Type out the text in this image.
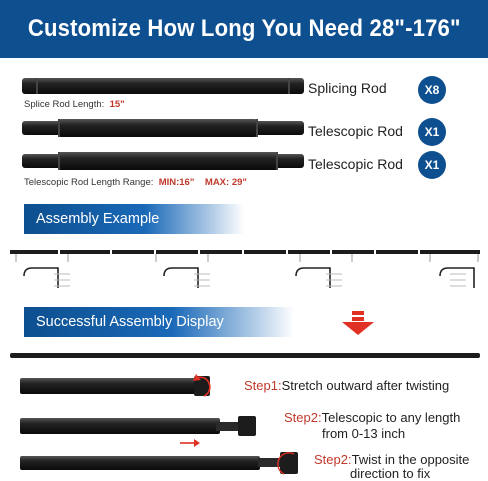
Customize How Long You Need 28"-176"
Splicing Rod	X8
Splice Rod Length: 15"
Telescopic Rod	X1
Telescopic Rod	X1
Telescopic Rod Length Range: MIN:16" MAX: 29"
Assembly Example
Successful Assembly Display
Step1:Stretch outward after twisting
Step2:Telescopic to any length
from 0-13 inch
Step2:Twist in the opposite
direction to fix
